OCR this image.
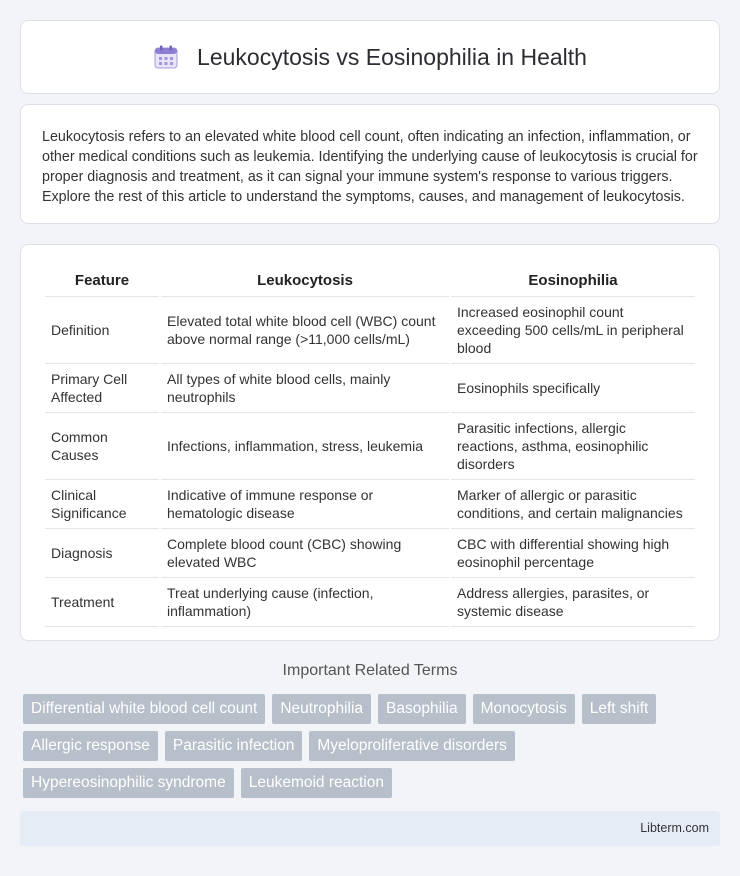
Leukocytosis vs Eosinophilia in Health

Leukocytosis refers to an elevated white blood cell count, often indicating an infection, inflammation, or other medical conditions such as leukemia. Identifying the underlying cause of leukocytosis is crucial for proper diagnosis and treatment, as it can signal your immune system's response to various triggers. Explore the rest of this article to understand the symptoms, causes, and management of leukocytosis.

Feature	Leukocytosis	Eosinophilia
Definition	Elevated total white blood cell (WBC) count above normal range (>11,000 cells/mL)	Increased eosinophil count exceeding 500 cells/mL in peripheral blood
Primary Cell Affected	All types of white blood cells, mainly neutrophils	Eosinophils specifically
Common Causes	Infections, inflammation, stress, leukemia	Parasitic infections, allergic reactions, asthma, eosinophilic disorders
Clinical Significance	Indicative of immune response or hematologic disease	Marker of allergic or parasitic conditions, and certain malignancies
Diagnosis	Complete blood count (CBC) showing elevated WBC	CBC with differential showing high eosinophil percentage
Treatment	Treat underlying cause (infection, inflammation)	Address allergies, parasites, or systemic disease
Important Related Terms
Differential white blood cell count	Neutrophilia	Basophilia	Monocytosis	Left shift
Allergic response	Parasitic infection	Myeloproliferative disorders
Hypereosinophilic syndrome	Leukemoid reaction
Libterm.com
